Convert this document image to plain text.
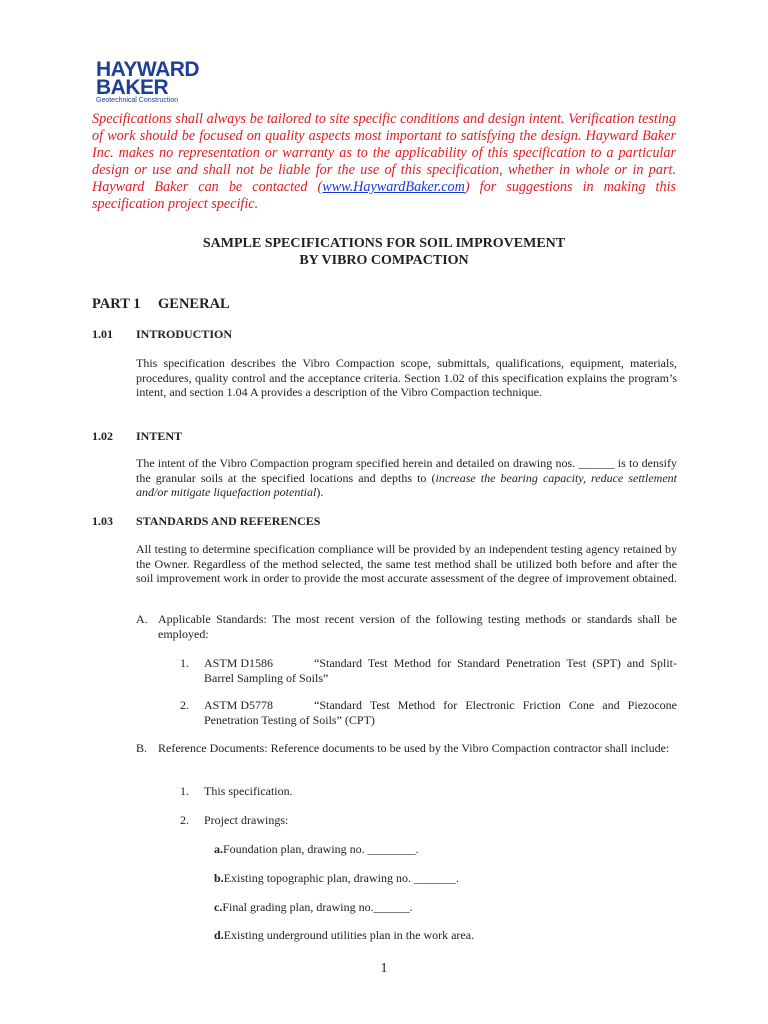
HAYWARD
BAKER
Geotechnical Construction
Specifications shall always be tailored to site specific conditions and design intent. Verification testing of work should be focused on quality aspects most important to satisfying the design. Hayward Baker Inc. makes no representation or warranty as to the applicability of this specification to a particular design or use and shall not be liable for the use of this specification, whether in whole or in part. Hayward Baker can be contacted (www.HaywardBaker.com) for suggestions in making this specification project specific.
SAMPLE SPECIFICATIONS FOR SOIL IMPROVEMENT
BY VIBRO COMPACTION
PART 1 GENERAL
1.01 INTRODUCTION
This specification describes the Vibro Compaction scope, submittals, qualifications, equipment, materials, procedures, quality control and the acceptance criteria. Section 1.02 of this specification explains the program’s intent, and section 1.04 A provides a description of the Vibro Compaction technique.
1.02 INTENT
The intent of the Vibro Compaction program specified herein and detailed on drawing nos. ______ is to densify the granular soils at the specified locations and depths to (increase the bearing capacity, reduce settlement and/or mitigate liquefaction potential).
1.03 STANDARDS AND REFERENCES
All testing to determine specification compliance will be provided by an independent testing agency retained by the Owner. Regardless of the method selected, the same test method shall be utilized both before and after the soil improvement work in order to provide the most accurate assessment of the degree of improvement obtained.
A. Applicable Standards: The most recent version of the following testing methods or standards shall be employed:
1. ASTM D1586	“Standard Test Method for Standard Penetration Test (SPT) and Split-Barrel Sampling of Soils”
2. ASTM D5778	“Standard Test Method for Electronic Friction Cone and Piezocone Penetration Testing of Soils” (CPT)
B. Reference Documents: Reference documents to be used by the Vibro Compaction contractor shall include:
1. This specification.
2. Project drawings:
a.Foundation plan, drawing no. ________.
b.Existing topographic plan, drawing no. _______.
c.Final grading plan, drawing no.______.
d.Existing underground utilities plan in the work area.
1
